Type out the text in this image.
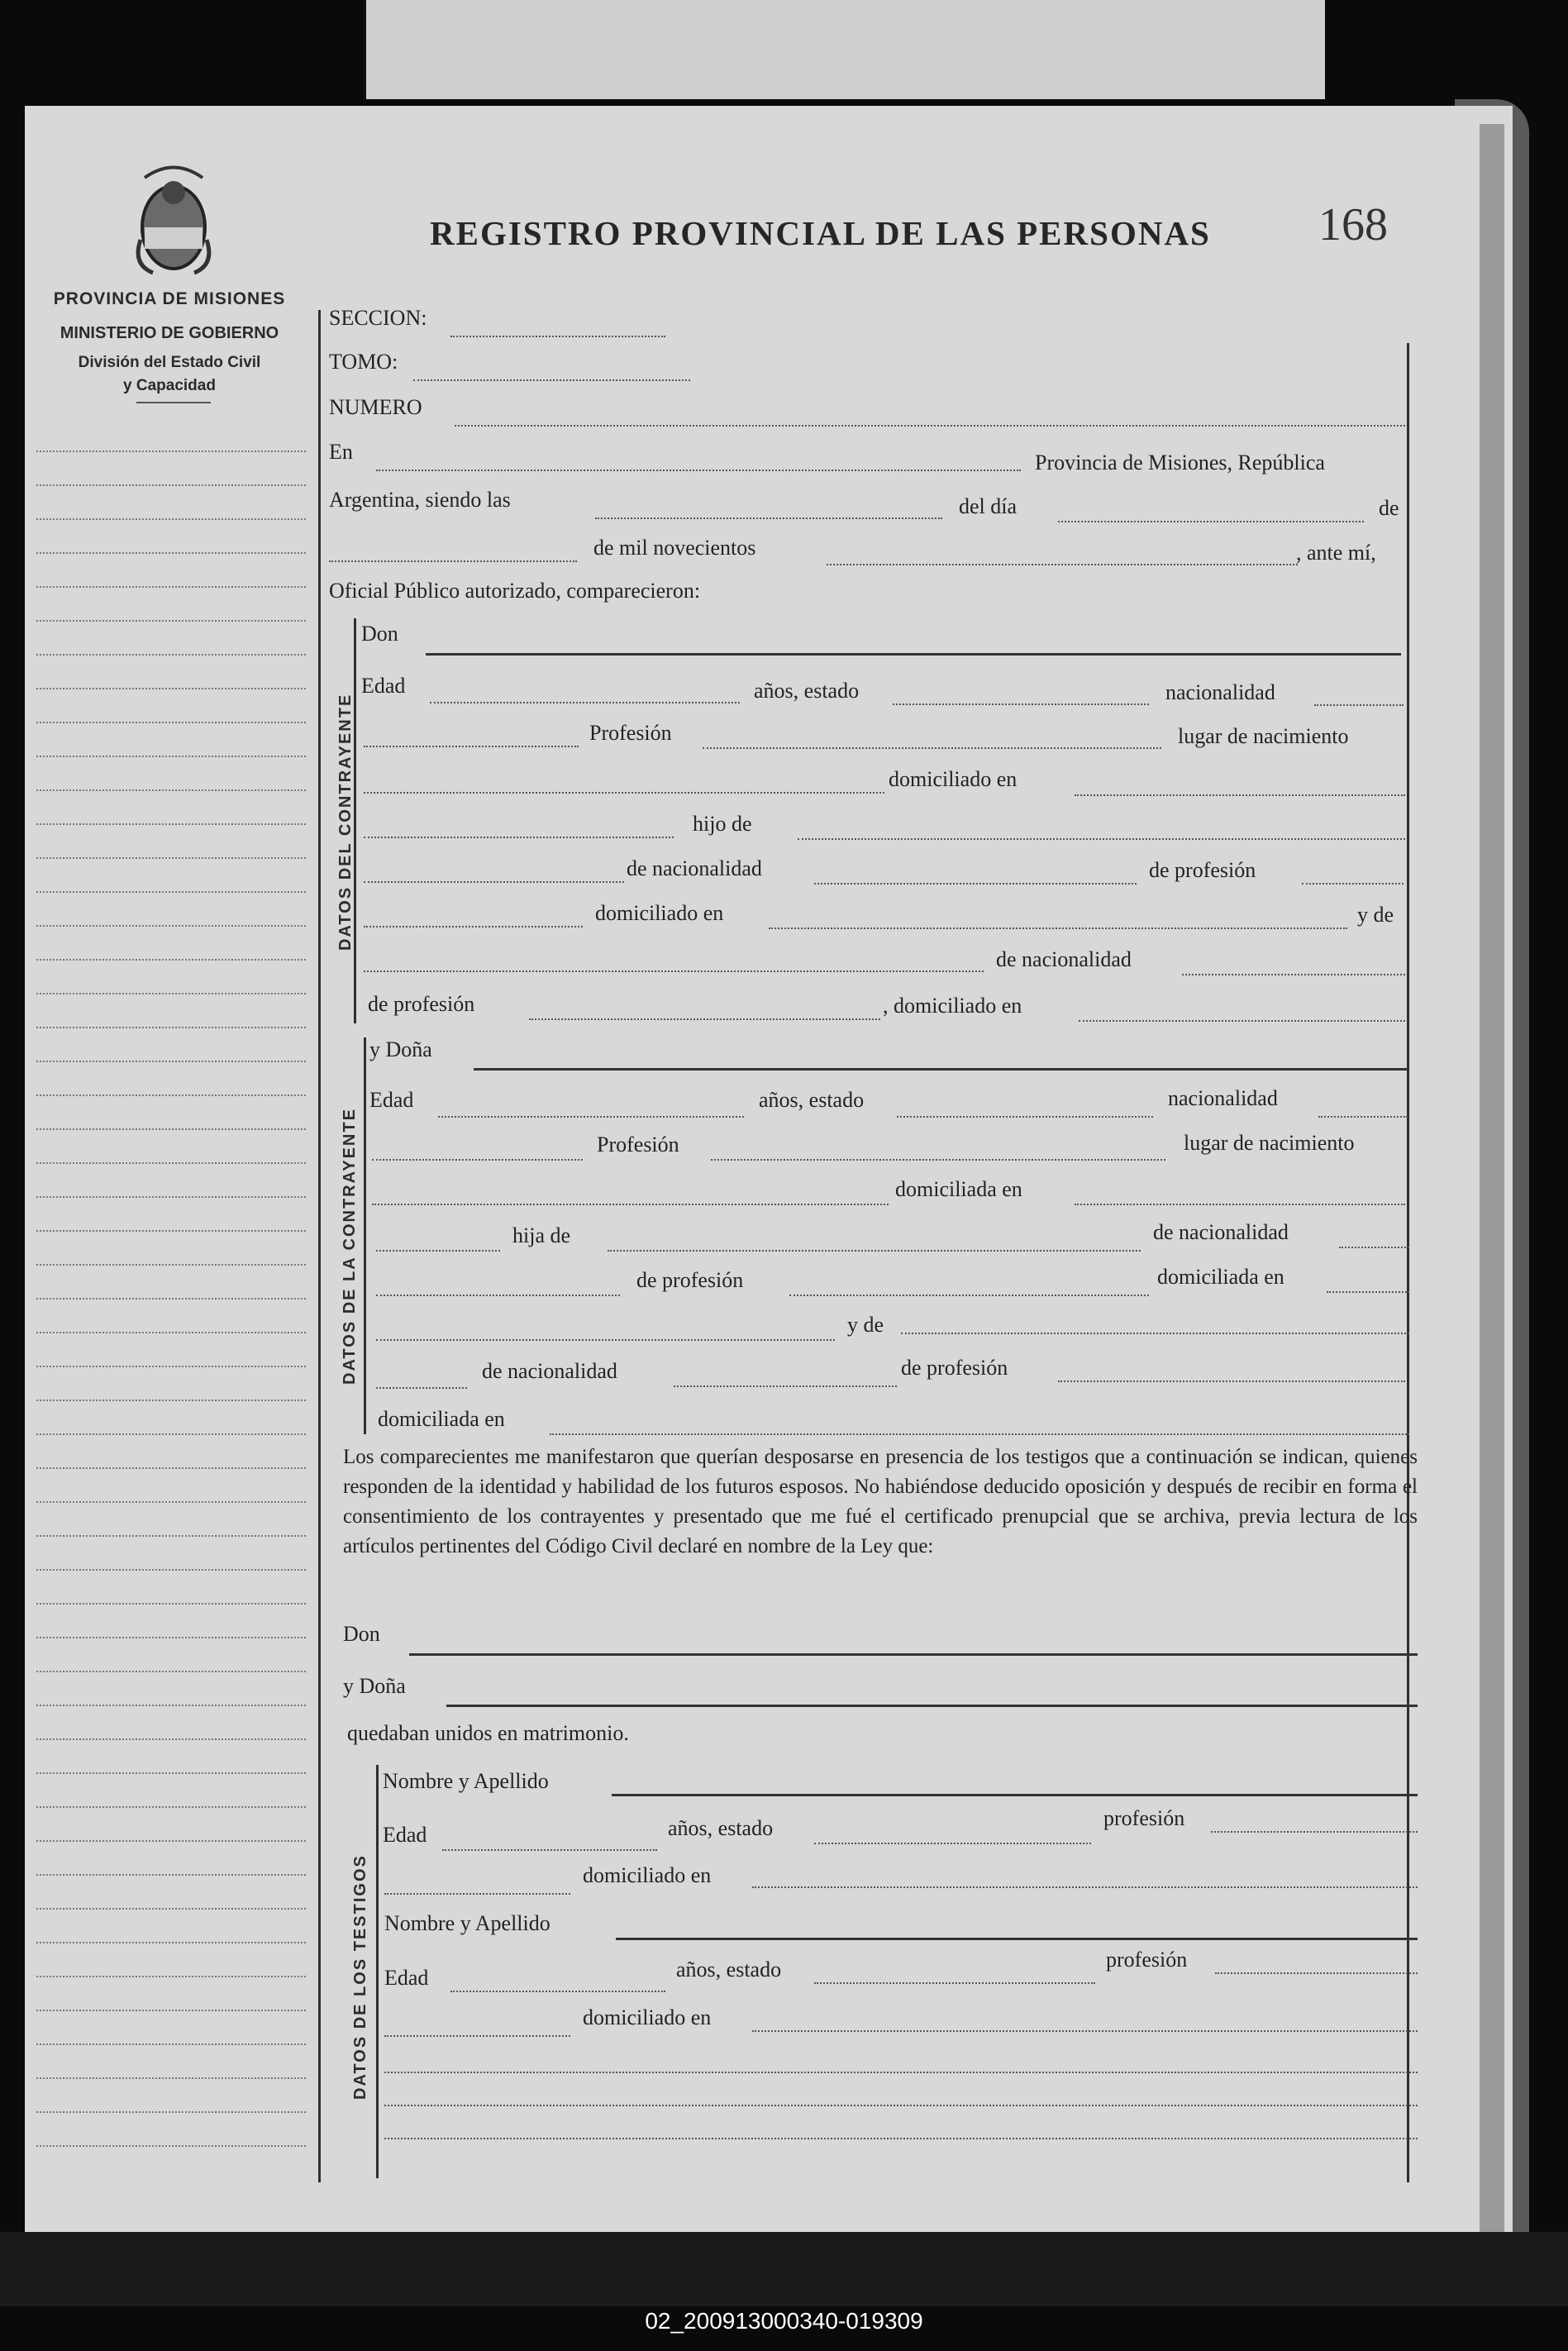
PROVINCIA DE MISIONES
MINISTERIO DE GOBIERNO
División del Estado Civil
y Capacidad
REGISTRO PROVINCIAL DE LAS PERSONAS 168
DATOS DEL CONTRAYENTE
DATOS DE LA CONTRAYENTE
DATOS DE LOS TESTIGOS
SECCION:
TOMO:
NUMERO
En	Provincia de Misiones, República
Argentina, siendo las	del día	de
de mil novecientos	, ante mí,
Oficial Público autorizado, comparecieron:
Don
Edad	años, estado	nacionalidad
Profesión	lugar de nacimiento
domiciliado en
hijo de
de nacionalidad	de profesión
domiciliado en	y de
de nacionalidad
de profesión	, domiciliado en
y Doña
Edad	años, estado	nacionalidad
Profesión	lugar de nacimiento
domiciliada en
hija de	de nacionalidad
de profesión	domiciliada en
y de
de nacionalidad	de profesión
domiciliada en

Los comparecientes me manifestaron que querían desposarse en presencia de los testigos que a continuación se indican, quienes responden de la identidad y habilidad de los futuros esposos. No habiéndose deducido oposición y después de recibir en forma el consentimiento de los contrayentes y presentado que me fué el certificado prenupcial que se archiva, previa lectura de los artículos pertinentes del Código Civil declaré en nombre de la Ley que:

Don
y Doña
quedaban unidos en matrimonio.
Nombre y Apellido
Edad	años, estado	profesión
domiciliado en
Nombre y Apellido
Edad	años, estado	profesión
domiciliado en
02_200913000340-019309
